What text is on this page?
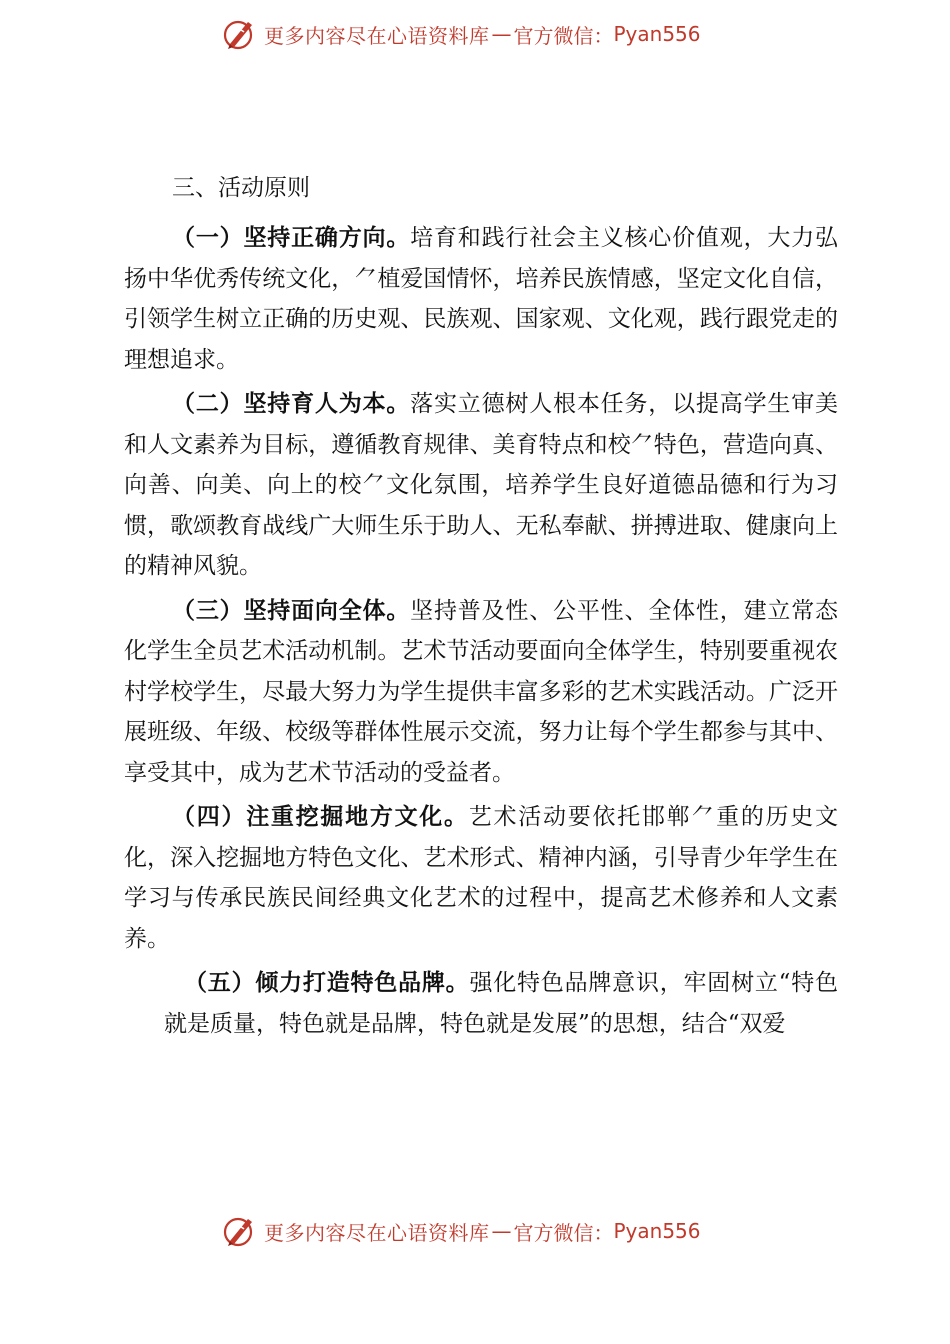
更多内容尽在心语资料库 — 官方微信： Pyan556
三、活动原则

（一）坚持正确方向。培育和践行社会主义核心价值观，大力弘扬中华优秀传统文化，⺈植爱国情怀，培养民族情感，坚定文化自信，引领学生树立正确的历史观、民族观、国家观、文化观，践行跟党走的理想追求。

（二）坚持育人为本。落实立德树人根本任务，以提高学生审美和人文素养为目标，遵循教育规律、美育特点和校⺈特色，营造向真、向善、向美、向上的校⺈文化氛围，培养学生良好道德品德和行为习惯，歌颂教育战线广大师生乐于助人、无私奉献、拼搏进取、健康向上的精神风貌。

（三）坚持面向全体。坚持普及性、公平性、全体性，建立常态化学生全员艺术活动机制。艺术节活动要面向全体学生，特别要重视农村学校学生，尽最大努力为学生提供丰富多彩的艺术实践活动。广泛开展班级、年级、校级等群体性展示交流，努力让每个学生都参与其中、享受其中，成为艺术节活动的受益者。

（四）注重挖掘地方文化。艺术活动要依托邯郸⺈重的历史文化，深入挖掘地方特色文化、艺术形式、精神内涵，引导青少年学生在学习与传承民族民间经典文化艺术的过程中，提高艺术修养和人文素养。

（五）倾力打造特色品牌。强化特色品牌意识，牢固树立“特色就是质量，特色就是品牌，特色就是发展”的思想，结合“双爱

更多内容尽在心语资料库 — 官方微信： Pyan556
